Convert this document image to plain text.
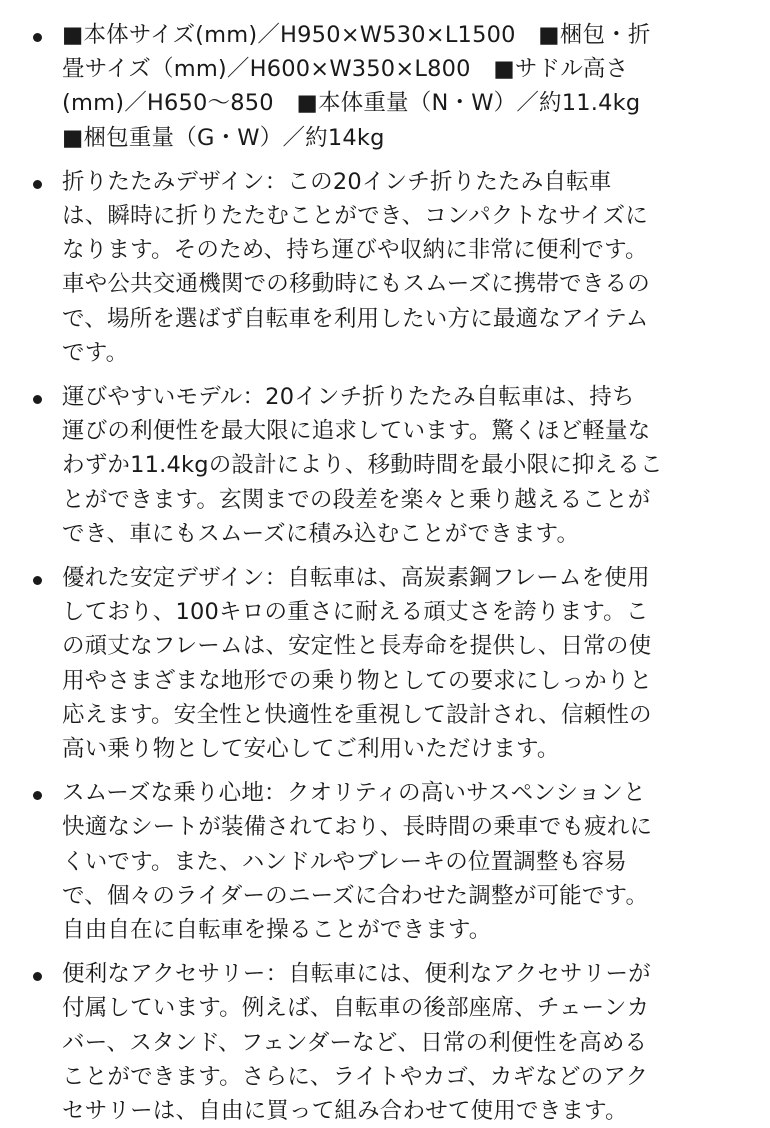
■本体サイズ(mm)／H950×W530×L1500　■梱包・折
畳サイズ（mm)／H600×W350×L800　■サドル高さ
(mm)／H650～850　■本体重量（N・W）／約11.4kg
■梱包重量（G・W）／約14kg
折りたたみデザイン：この20インチ折りたたみ自転車
は、瞬時に折りたたむことができ、コンパクトなサイズに
なります。そのため、持ち運びや収納に非常に便利です。
車や公共交通機関での移動時にもスムーズに携帯できるの
で、場所を選ばず自転車を利用したい方に最適なアイテム
です。
運びやすいモデル：20インチ折りたたみ自転車は、持ち
運びの利便性を最大限に追求しています。驚くほど軽量な
わずか11.4kgの設計により、移動時間を最小限に抑えるこ
とができます。玄関までの段差を楽々と乗り越えることが
でき、車にもスムーズに積み込むことができます。
優れた安定デザイン：自転車は、高炭素鋼フレームを使用
しており、100キロの重さに耐える頑丈さを誇ります。こ
の頑丈なフレームは、安定性と長寿命を提供し、日常の使
用やさまざまな地形での乗り物としての要求にしっかりと
応えます。安全性と快適性を重視して設計され、信頼性の
高い乗り物として安心してご利用いただけます。
スムーズな乗り心地：クオリティの高いサスペンションと
快適なシートが装備されており、長時間の乗車でも疲れに
くいです。また、ハンドルやブレーキの位置調整も容易
で、個々のライダーのニーズに合わせた調整が可能です。
自由自在に自転車を操ることができます。
便利なアクセサリー：自転車には、便利なアクセサリーが
付属しています。例えば、自転車の後部座席、チェーンカ
バー、スタンド、フェンダーなど、日常の利便性を高める
ことができます。さらに、ライトやカゴ、カギなどのアク
セサリーは、自由に買って組み合わせて使用できます。
